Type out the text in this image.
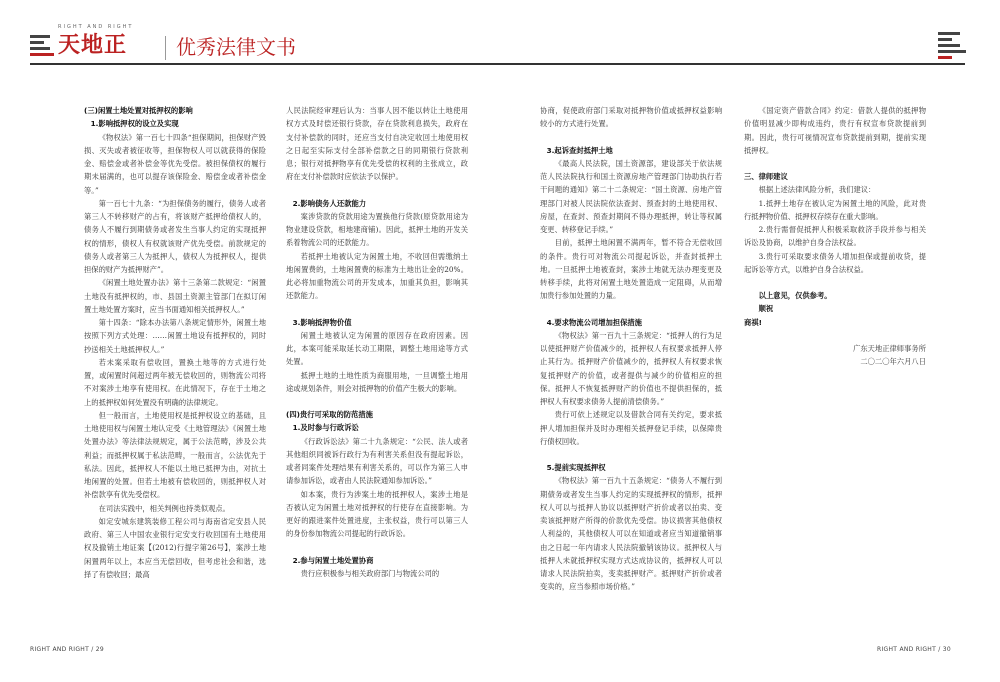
天地正
RIGHT AND RIGHT
优秀法律文书
(三)闲置土地处置对抵押权的影响
1.影响抵押权的设立及实现

《物权法》第一百七十四条“担保期间，担保财产毁损、灭失或者被征收等，担保物权人可以就获得的保险金、赔偿金或者补偿金等优先受偿。被担保债权的履行期未届满的，也可以提存该保险金、赔偿金或者补偿金等。”

第一百七十九条：“为担保债务的履行，债务人或者第三人不转移财产的占有，将该财产抵押给债权人的，债务人不履行到期债务或者发生当事人约定的实现抵押权的情形，债权人有权就该财产优先受偿。前款规定的债务人或者第三人为抵押人，债权人为抵押权人，提供担保的财产为抵押财产”。

《闲置土地处置办法》第十三条第二款规定：“闲置土地没有抵押权的，市、县国土资源主管部门在拟订闲置土地处置方案时，应当书面通知相关抵押权人。”

第十四条：“除本办法第八条规定情形外，闲置土地按照下列方式处理：……闲置土地设有抵押权的，同时抄送相关土地抵押权人。”

若未案采取有偿收回，置换土地等的方式进行处置，或闲置时间超过两年被无偿收回的，则物流公司将不对案涉土地享有使用权。在此情况下，存在于土地之上的抵押权如何处置没有明确的法律规定。

但一般而言，土地使用权是抵押权设立的基础，且土地使用权与闲置土地认定受《土地管理法》《闲置土地处置办法》等法律法规规定，属于公法范畴，涉及公共利益；而抵押权属于私法范畴，一般而言，公法优先于私法。因此，抵押权人不能以土地已抵押为由，对抗土地闲置的处置。但若土地被有偿收回的，则抵押权人对补偿款享有优先受偿权。

在司法实践中，相关判例也持类似观点。

如定安城东建筑装修工程公司与海南省定安县人民政府、第三人中国农业银行定安支行收回国有土地使用权及撤销土地证案【(2012)行提字第26号】，案涉土地闲置两年以上，本应当无偿回收，但考虑社会和谐，选择了有偿收回；最高

人民法院经审理后认为：当事人因不能以转让土地使用权方式及时偿还银行贷款，存在贷款利息损失，政府在支付补偿款的同时，还应当支付自决定收回土地使用权之日起至实际支付全部补偿款之日的同期银行贷款利息；银行对抵押物享有优先受偿的权利的主张成立，政府在支付补偿款时应依法予以保护。

2.影响债务人还款能力

案涉贷款的贷款用途为置换他行贷款(原贷款用途为物业建设贷款，相地建商铺)。因此，抵押土地的开发关系着物流公司的还款能力。

若抵押土地被认定为闲置土地，不收回但需缴纳土地闲置费的，土地闲置费的标准为土地出让金的20%。此必将加重物流公司的开发成本，加重其负担，影响其还款能力。

3.影响抵押物价值

闲置土地被认定为闲置的原因存在政府因素。因此，本案可能采取延长动工期限，调整土地用途等方式处置。

抵押土地的土地性质为商服用地，一旦调整土地用途或规划条件，则会对抵押物的价值产生极大的影响。

(四)贵行可采取的防范措施
1.及时参与行政诉讼

《行政诉讼法》第二十九条规定：“公民、法人或者其他组织同被诉行政行为有利害关系但没有提起诉讼，或者同案件处理结果有利害关系的，可以作为第三人申请参加诉讼，或者由人民法院通知参加诉讼。”

如本案，贵行为涉案土地的抵押权人，案涉土地是否被认定为闲置土地对抵押权的行使存在直接影响。为更好的跟进案件处置进度，主张权益，贵行可以第三人的身份参加物流公司提起的行政诉讼。

2.参与闲置土地处置协商

贵行应积极参与相关政府部门与物流公司的

协商，促使政府部门采取对抵押物价值或抵押权益影响较小的方式进行处置。

3.起诉查封抵押土地

《最高人民法院，国土资源部，建设部关于依法规范人民法院执行和国土资源房地产管理部门协助执行若干问题的通知》第二十二条规定：“国土资源、房地产管理部门对被人民法院依法查封、预查封的土地使用权、房屋，在查封、预查封期间不得办理抵押，转让等权属变更、转移登记手续。”

目前，抵押土地闲置不满两年，暂不符合无偿收回的条件。贵行可对物流公司提起诉讼，并查封抵押土地。一旦抵押土地被查封，案涉土地就无法办理变更及转移手续，此将对闲置土地处置造成一定阻碍，从而增加贵行参加处置的力量。

4.要求物流公司增加担保措施

《物权法》第一百九十三条规定：“抵押人的行为足以使抵押财产价值减少的，抵押权人有权要求抵押人停止其行为。抵押财产价值减少的，抵押权人有权要求恢复抵押财产的价值，或者提供与减少的价值相应的担保。抵押人不恢复抵押财产的价值也不提供担保的，抵押权人有权要求债务人提前清偿债务。”

贵行可依上述规定以及借款合同有关约定，要求抵押人增加担保并及时办理相关抵押登记手续，以保障贵行债权回收。

5.提前实现抵押权

《物权法》第一百九十五条规定：“债务人不履行到期债务或者发生当事人约定的实现抵押权的情形，抵押权人可以与抵押人协议以抵押财产折价或者以拍卖、变卖该抵押财产所得的价款优先受偿。协议损害其他债权人利益的，其他债权人可以在知道或者应当知道撤销事由之日起一年内请求人民法院撤销该协议。抵押权人与抵押人未就抵押权实现方式达成协议的，抵押权人可以请求人民法院拍卖，变卖抵押财产。抵押财产折价或者变卖的，应当参照市场价格。”

《国定资产借款合同》约定：借款人提供的抵押物价值明显减少即构成违约，贵行有权宣布贷款提前到期。因此，贵行可视情况宣布贷款提前到期，提前实现抵押权。

三、律师建议

根据上述法律风险分析，我们建议：

1.抵押土地存在被认定为闲置土地的风险，此对贵行抵押物价值、抵押权存续存在重大影响。

2.贵行需督促抵押人积极采取救济手段并参与相关诉讼及协商，以维护自身合法权益。

3.贵行可采取要求债务人增加担保或提前收贷，提起诉讼等方式，以维护自身合法权益。

以上意见，仅供参考。

顺祝

商祺!

广东天地正律师事务所

二〇二〇年六月八日

RIGHT AND RIGHT / 29	RIGHT AND RIGHT / 30
